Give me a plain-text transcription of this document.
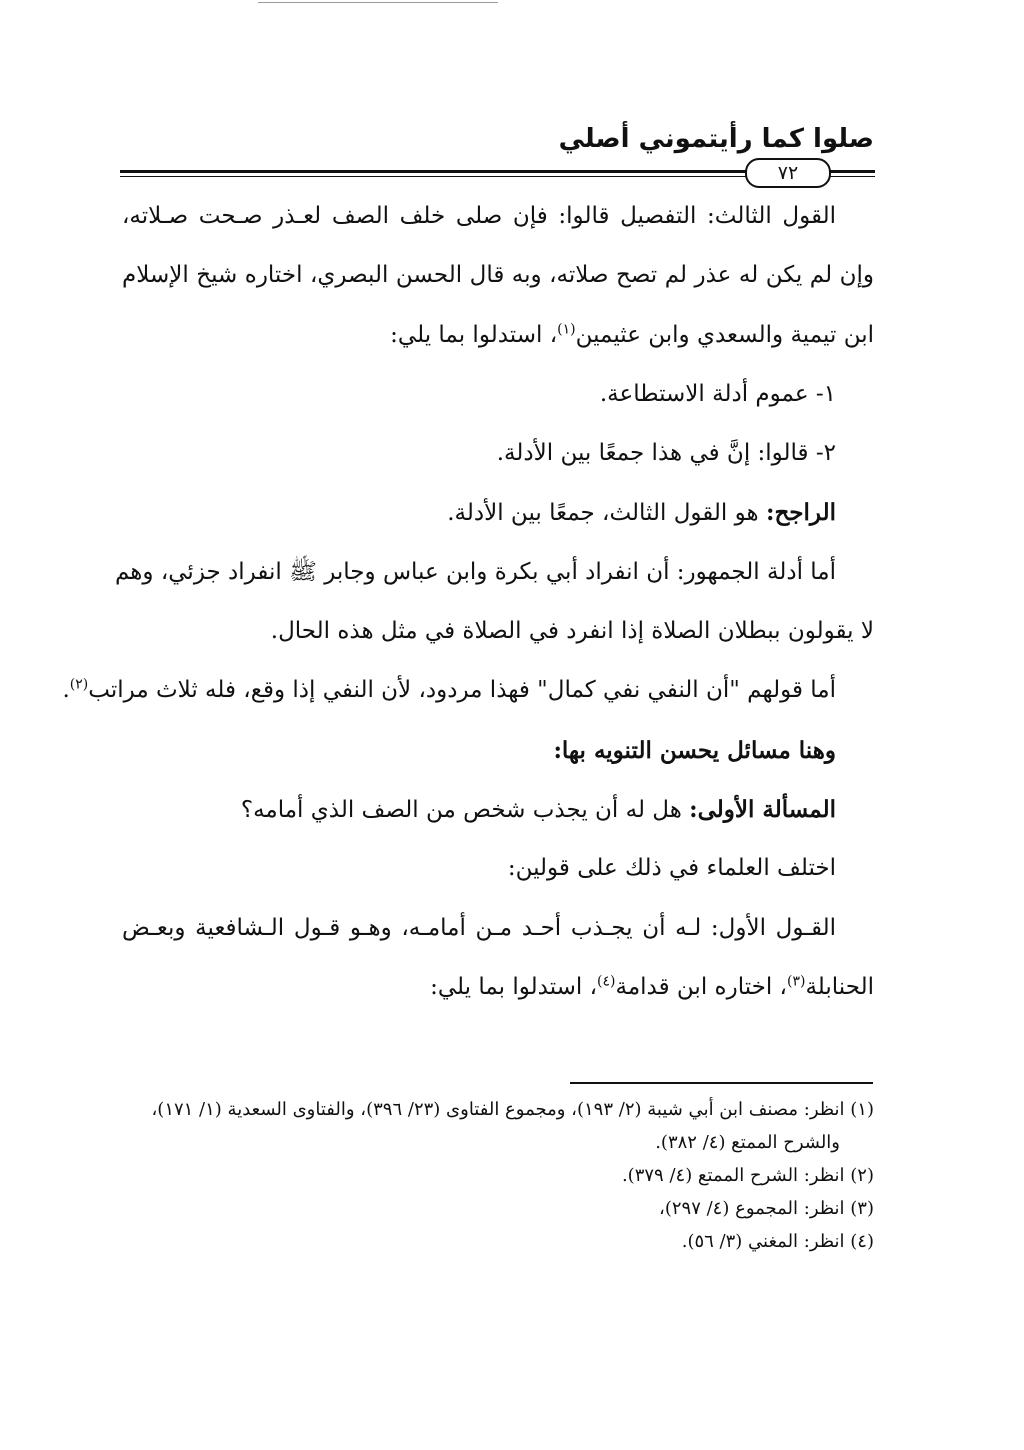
صلوا كما رأيتموني أصلي
٧٢
القول الثالث: التفصيل قالوا: فإن صلى خلف الصف لعـذر صـحت صـلاته،
وإن لم يكن له عذر لم تصح صلاته، وبه قال الحسن البصري، اختاره شيخ الإسلام
ابن تيمية والسعدي وابن عثيمين$^{(١)}$، استدلوا بما يلي:
١- عموم أدلة الاستطاعة.
٢- قالوا: إنَّ في هذا جمعًا بين الأدلة.
الراجح: هو القول الثالث، جمعًا بين الأدلة.
أما أدلة الجمهور: أن انفراد أبي بكرة وابن عباس وجابر ﷺ انفراد جزئي، وهم
لا يقولون ببطلان الصلاة إذا انفرد في الصلاة في مثل هذه الحال.
أما قولهم "أن النفي نفي كمال" فهذا مردود، لأن النفي إذا وقع، فله ثلاث مراتب$^{(٢)}$.
وهنا مسائل يحسن التنويه بها:
المسألة الأولى: هل له أن يجذب شخص من الصف الذي أمامه؟
اختلف العلماء في ذلك على قولين:
القـول الأول: لـه أن يجـذب أحـد مـن أمامـه، وهـو قـول الـشافعية وبعـض
الحنابلة$^{(٣)}$، اختاره ابن قدامة$^{(٤)}$، استدلوا بما يلي:
(١) انظر: مصنف ابن أبي شيبة (٢/ ١٩٣)، ومجموع الفتاوى (٢٣/ ٣٩٦)، والفتاوى السعدية (١/ ١٧١)،
والشرح الممتع (٤/ ٣٨٢).
(٢) انظر: الشرح الممتع (٤/ ٣٧٩).
(٣) انظر: المجموع (٤/ ٢٩٧)،
(٤) انظر: المغني (٣/ ٥٦).
